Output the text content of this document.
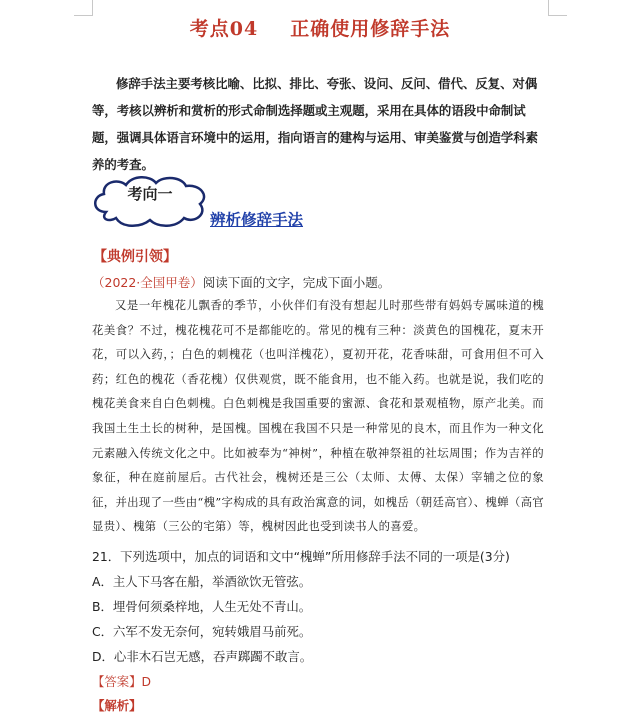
考点04 正确使用修辞手法
修辞手法主要考核比喻、比拟、排比、夸张、设问、反问、借代、反复、对偶等，考核以辨析和赏析的形式命制选择题或主观题，采用在具体的语段中命制试题，强调具体语言环境中的运用，指向语言的建构与运用、审美鉴赏与创造学科素养的考查。
考向一
辨析修辞手法
【典例引领】
（2022·全国甲卷）阅读下面的文字，完成下面小题。
又是一年槐花儿飘香的季节，小伙伴们有没有想起儿时那些带有妈妈专属味道的槐花美食？不过，槐花槐花可不是都能吃的。常见的槐有三种：淡黄色的国槐花，夏末开花，可以入药，；白色的刺槐花（也叫洋槐花），夏初开花，花香味甜，可食用但不可入药；红色的槐花（香花槐）仅供观赏，既不能食用，也不能入药。也就是说，我们吃的槐花美食来自白色刺槐。白色刺槐是我国重要的蜜源、食花和景观植物，原产北美。而我国土生土长的树种，是国槐。国槐在我国不只是一种常见的良木，而且作为一种文化元素融入传统文化之中。比如被奉为“神树”，种植在敬神祭祖的社坛周围；作为吉祥的象征，种在庭前屋后。古代社会，槐树还是三公（太师、太傅、太保）宰辅之位的象征，并出现了一些由“槐”字构成的具有政治寓意的词，如槐岳（朝廷高官）、槐蝉（高官显贵）、槐第（三公的宅第）等，槐树因此也受到读书人的喜爱。
21．下列选项中，加点的词语和文中“槐蝉”所用修辞手法不同的一项是(3分)
A．主人下马客在船，举酒欲饮无管弦。
B．埋骨何须桑梓地，人生无处不青山。
C．六军不发无奈何，宛转娥眉马前死。
D．心非木石岂无感，吞声踯躅不敢言。
【答案】D
【解析】
